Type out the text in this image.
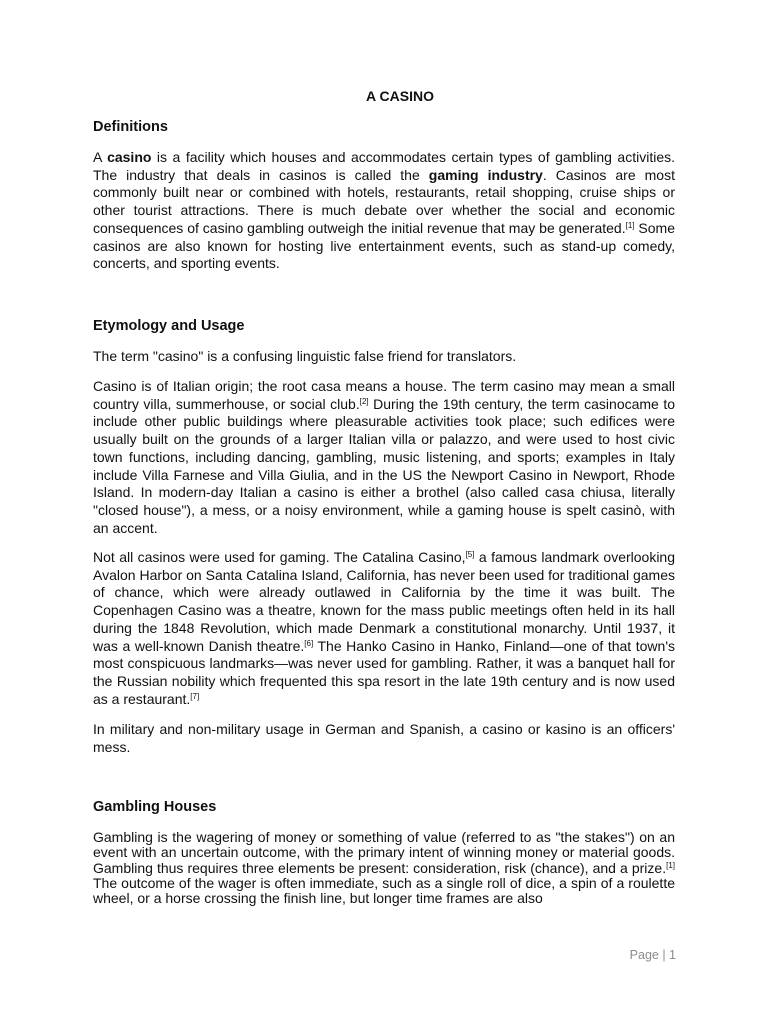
A CASINO
Definitions

A casino is a facility which houses and accommodates certain types of gambling activities. The industry that deals in casinos is called the gaming industry. Casinos are most commonly built near or combined with hotels, restaurants, retail shopping, cruise ships or other tourist attractions. There is much debate over whether the social and economic consequences of casino gambling outweigh the initial revenue that may be generated.[1] Some casinos are also known for hosting live entertainment events, such as stand-up comedy, concerts, and sporting events.

Etymology and Usage

The term "casino" is a confusing linguistic false friend for translators.

Casino is of Italian origin; the root casa means a house. The term casino may mean a small country villa, summerhouse, or social club.[2] During the 19th century, the term casinocame to include other public buildings where pleasurable activities took place; such edifices were usually built on the grounds of a larger Italian villa or palazzo, and were used to host civic town functions, including dancing, gambling, music listening, and sports; examples in Italy include Villa Farnese and Villa Giulia, and in the US the Newport Casino in Newport, Rhode Island. In modern-day Italian a casino is either a brothel (also called casa chiusa, literally "closed house"), a mess, or a noisy environment, while a gaming house is spelt casinò, with an accent.

Not all casinos were used for gaming. The Catalina Casino,[5] a famous landmark overlooking Avalon Harbor on Santa Catalina Island, California, has never been used for traditional games of chance, which were already outlawed in California by the time it was built. The Copenhagen Casino was a theatre, known for the mass public meetings often held in its hall during the 1848 Revolution, which made Denmark a constitutional monarchy. Until 1937, it was a well-known Danish theatre.[6] The Hanko Casino in Hanko, Finland—one of that town's most conspicuous landmarks—was never used for gambling. Rather, it was a banquet hall for the Russian nobility which frequented this spa resort in the late 19th century and is now used as a restaurant.[7]

In military and non-military usage in German and Spanish, a casino or kasino is an officers' mess.

Gambling Houses

Gambling is the wagering of money or something of value (referred to as "the stakes") on an event with an uncertain outcome, with the primary intent of winning money or material goods. Gambling thus requires three elements be present: consideration, risk (chance), and a prize.[1] The outcome of the wager is often immediate, such as a single roll of dice, a spin of a roulette wheel, or a horse crossing the finish line, but longer time frames are also

Page | 1
